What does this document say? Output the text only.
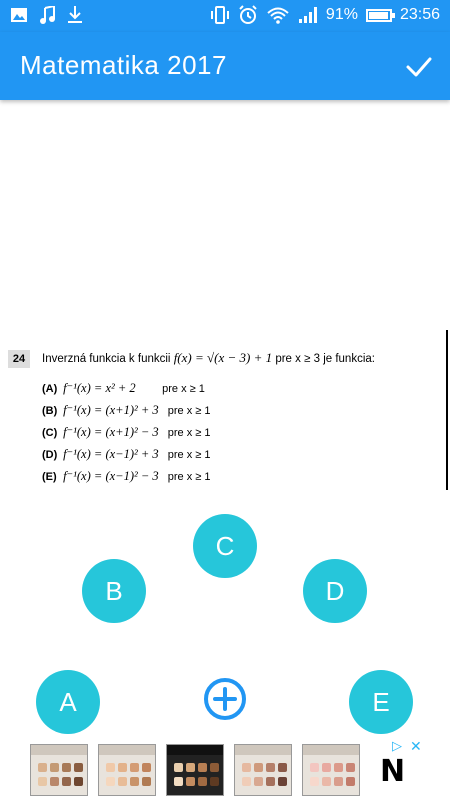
91%	23:56
Matematika 2017
24	Inverzná funkcia k funkcii f(x) = √(x − 3) + 1 pre x ≥ 3 je funkcia:
(A) f⁻¹(x) = x² + 2 pre x ≥ 1
(B) f⁻¹(x) = (x+1)² + 3 pre x ≥ 1
(C) f⁻¹(x) = (x+1)² − 3 pre x ≥ 1
(D) f⁻¹(x) = (x−1)² + 3 pre x ≥ 1
(E) f⁻¹(x) = (x−1)² − 3 pre x ≥ 1
C
B	D
A	E
▷ ✕
N
